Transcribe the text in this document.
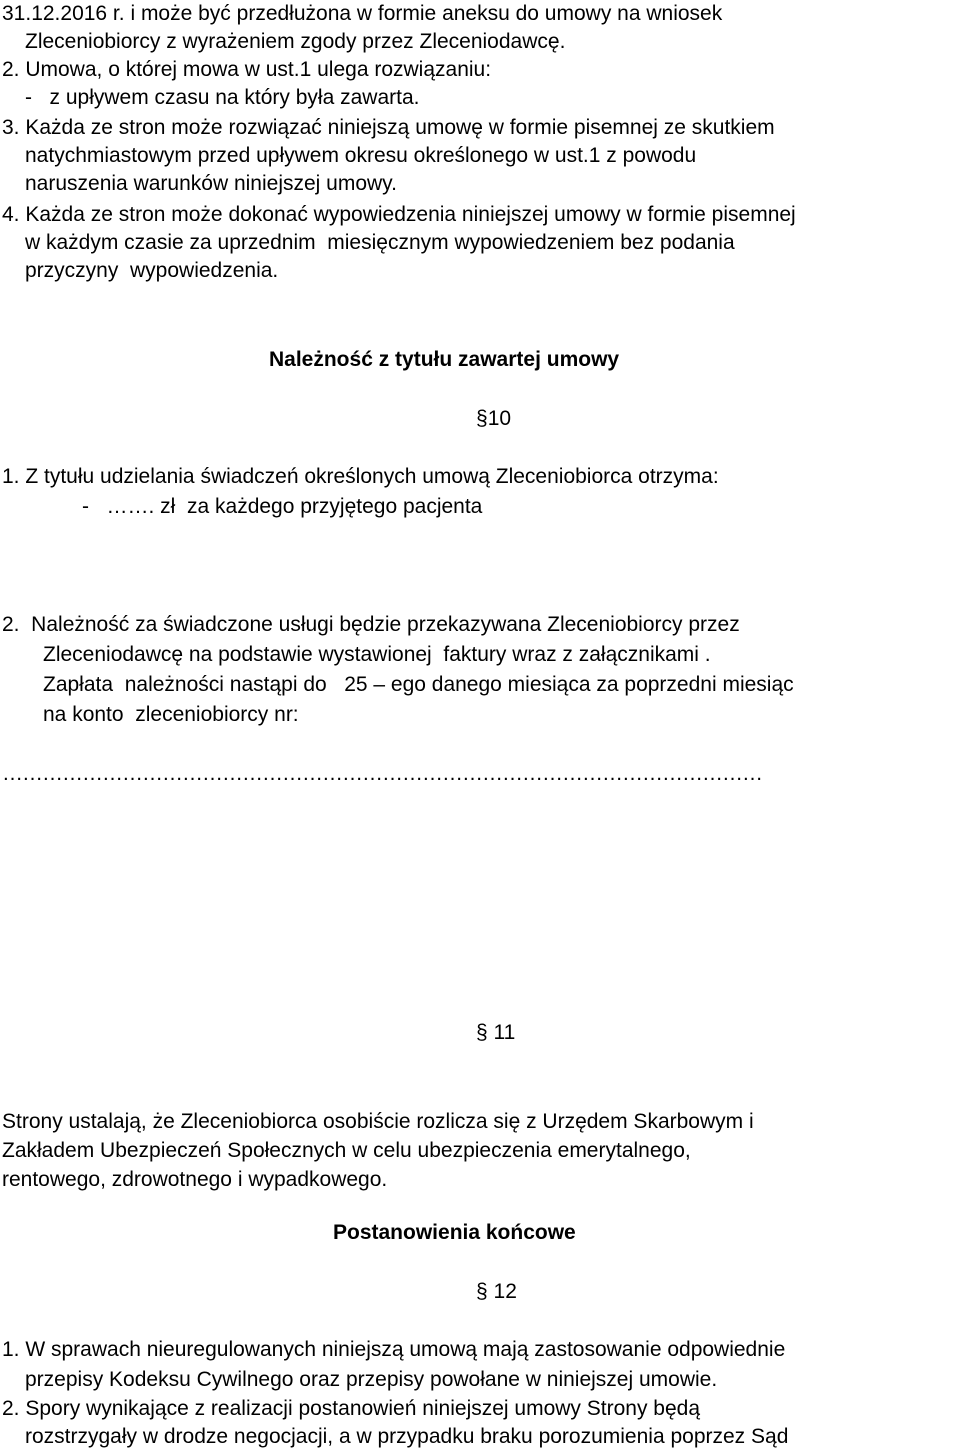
31.12.2016 r. i może być przedłużona w formie aneksu do umowy na wniosek
Zleceniobiorcy z wyrażeniem zgody przez Zleceniodawcę.
2. Umowa, o której mowa w ust.1 ulega rozwiązaniu:
-   z upływem czasu na który była zawarta.
3. Każda ze stron może rozwiązać niniejszą umowę w formie pisemnej ze skutkiem
natychmiastowym przed upływem okresu określonego w ust.1 z powodu
naruszenia warunków niniejszej umowy.
4. Każda ze stron może dokonać wypowiedzenia niniejszej umowy w formie pisemnej
w każdym czasie za uprzednim  miesięcznym wypowiedzeniem bez podania
przyczyny  wypowiedzenia.
Należność z tytułu zawartej umowy
§10
1. Z tytułu udzielania świadczeń określonych umową Zleceniobiorca otrzyma:
-   ……. zł  za każdego przyjętego pacjenta
2.  Należność za świadczone usługi będzie przekazywana Zleceniobiorcy przez
Zleceniodawcę na podstawie wystawionej  faktury wraz z załącznikami .
Zapłata  należności nastąpi do   25 – ego danego miesiąca za poprzedni miesiąc
na konto  zleceniobiorcy nr:
……………………………………………………………………………………………………
§ 11
Strony ustalają, że Zleceniobiorca osobiście rozlicza się z Urzędem Skarbowym i
Zakładem Ubezpieczeń Społecznych w celu ubezpieczenia emerytalnego,
rentowego, zdrowotnego i wypadkowego.
Postanowienia końcowe
§ 12
1. W sprawach nieuregulowanych niniejszą umową mają zastosowanie odpowiednie
przepisy Kodeksu Cywilnego oraz przepisy powołane w niniejszej umowie.
2. Spory wynikające z realizacji postanowień niniejszej umowy Strony będą
rozstrzygały w drodze negocjacji, a w przypadku braku porozumienia poprzez Sąd
